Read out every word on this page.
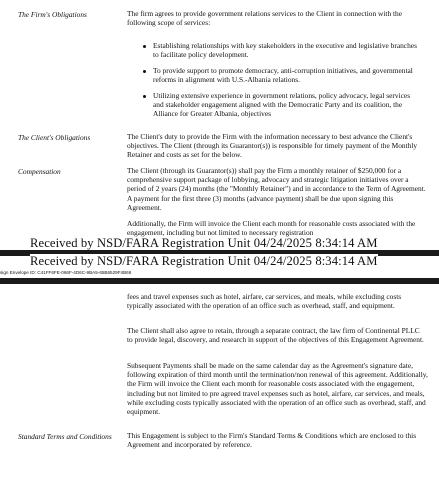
The Firm's Obligations	The firm agrees to provide government relations services to the Client in connection with the following scope of services:
Establishing relationships with key stakeholders in the executive and legislative branches to facilitate policy development.
To provide support to promote democracy, anti-corruption initiatives, and governmental reforms in alignment with U.S.-Albania relations.
Utilizing extensive experience in government relations, policy advocacy, legal services and stakeholder engagement aligned with the Democratic Party and its coalition, the Alliance for Greater Albania, objectives
The Client's Obligations	The Client's duty to provide the Firm with the information necessary to best advance the Client's objectives. The Client (through its Guarantor(s)) is responsible for timely payment of the Monthly Retainer and costs as set for the below.
Compensation	The Client (through its Guarantor(s)) shall pay the Firm a monthly retainer of $250,000 for a comprehensive support package of lobbying, advocacy and strategic litigation initiatives over a period of 2 years (24) months (the "Monthly Retainer") and in accordance to the Term of Agreement. A payment for the first three (3) months (advance payment) shall be due upon signing this Agreement.
Additionally, the Firm will invoice the Client each month for reasonable costs associated with the engagement, including but not limited to necessary registration
Received by NSD/FARA Registration Unit 04/24/2025 8:34:14 AM
Received by NSD/FARA Registration Unit 04/24/2025 8:34:14 AM
sign Envelope ID: C41FF6FE-066F-4D6C-9BA5-65B6529F4B66
fees and travel expenses such as hotel, airfare, car services, and meals, while excluding costs typically associated with the operation of an office such as overhead, staff, and equipment.
The Client shall also agree to retain, through a separate contract, the law firm of Continental PLLC to provide legal, discovery, and research in support of the objectives of this Engagement Agreement.
Subsequent Payments shall be made on the same calendar day as the Agreement's signature date, following expiration of third month until the termination/non renewal of this agreement. Additionally, the Firm will invoice the Client each month for reasonable costs associated with the engagement, including but not limited to pre agreed travel expenses such as hotel, airfare, car services, and meals, while excluding costs typically associated with the operation of an office such as overhead, staff, and equipment.
Standard Terms and Conditions	This Engagement is subject to the Firm's Standard Terms & Conditions which are enclosed to this Agreement and incorporated by reference.
